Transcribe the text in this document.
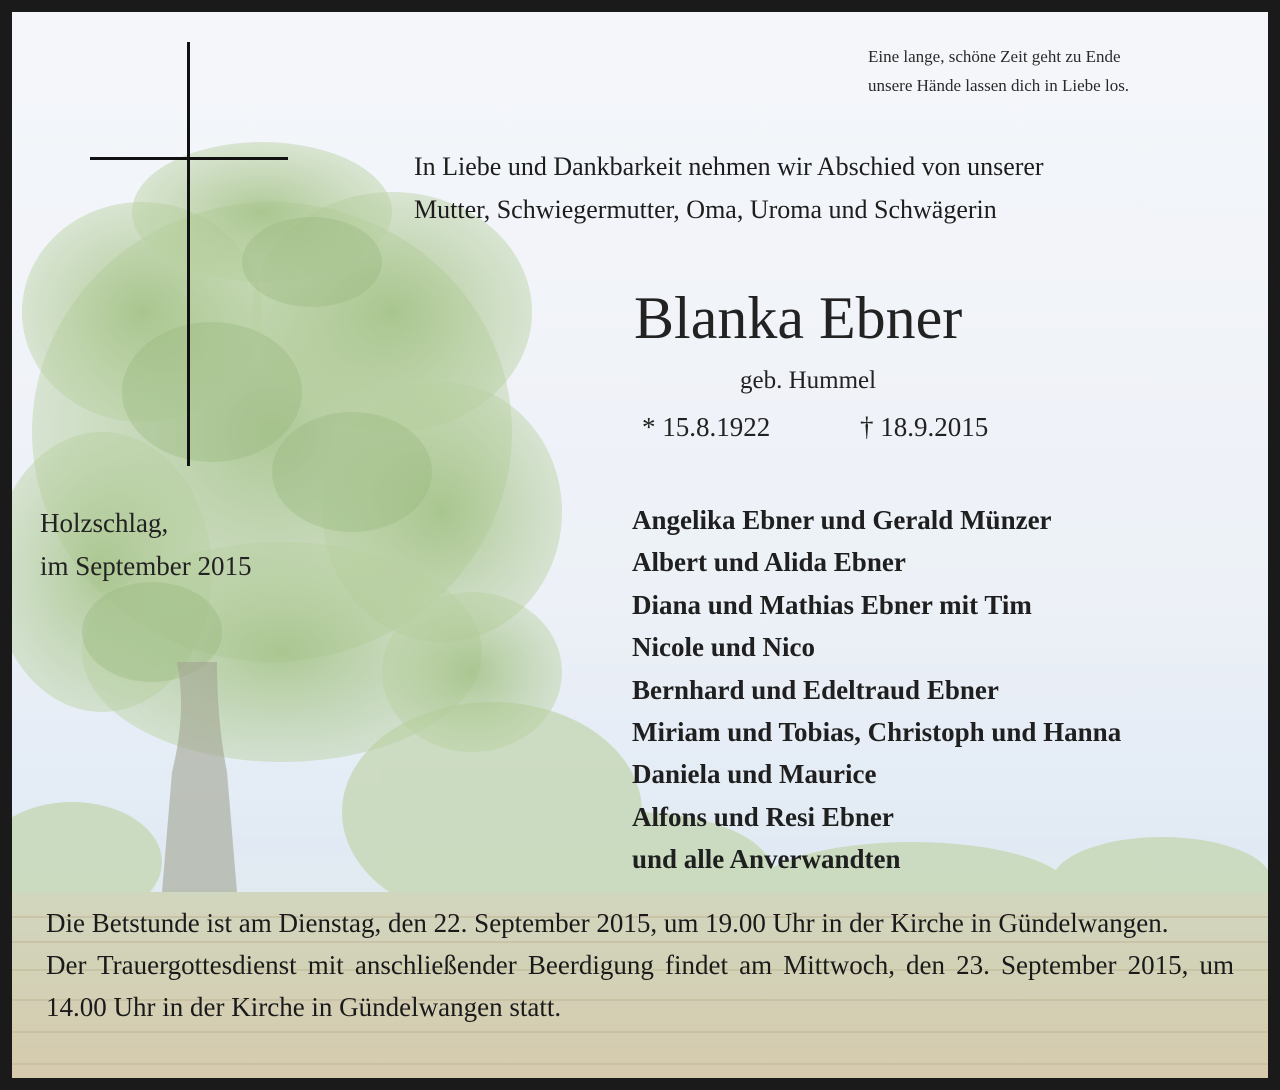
Eine lange, schöne Zeit geht zu Ende
unsere Hände lassen dich in Liebe los.
In Liebe und Dankbarkeit nehmen wir Abschied von unserer
Mutter, Schwiegermutter, Oma, Uroma und Schwägerin
Blanka Ebner
geb. Hummel
* 15.8.1922	† 18.9.2015
Holzschlag,
im September 2015
Angelika Ebner und Gerald Münzer
Albert und Alida Ebner
Diana und Mathias Ebner mit Tim
Nicole und Nico
Bernhard und Edeltraud Ebner
Miriam und Tobias, Christoph und Hanna
Daniela und Maurice
Alfons und Resi Ebner
und alle Anverwandten

Die Betstunde ist am Dienstag, den 22. September 2015, um 19.00 Uhr in der Kirche in Gündelwangen.

Der Trauergottesdienst mit anschließender Beerdigung findet am Mittwoch, den 23. September 2015, um 14.00 Uhr in der Kirche in Gündelwangen statt.
